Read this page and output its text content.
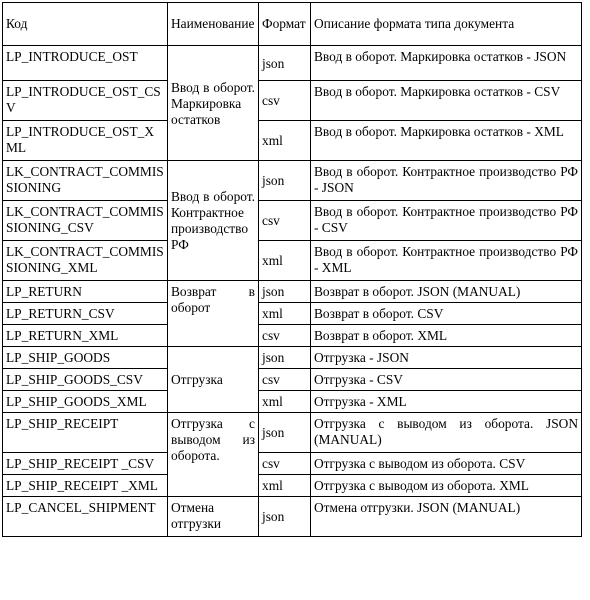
Код	Наименование	Формат	Описание формата типа документа
LP_INTRODUCE_OST	Ввод в оборот. Маркировка остатков	json	Ввод в оборот. Маркировка остатков - JSON
LP_INTRODUCE_OST_CSV		csv	Ввод в оборот. Маркировка остатков - CSV
LP_INTRODUCE_OST_XML		xml	Ввод в оборот. Маркировка остатков - XML
LK_CONTRACT_COMMISSIONING	Ввод в оборот. Контрактное производство РФ	json	Ввод в оборот. Контрактное производство РФ - JSON
LK_CONTRACT_COMMISSIONING_CSV		csv	Ввод в оборот. Контрактное производство РФ - CSV
LK_CONTRACT_COMMISSIONING_XML		xml	Ввод в оборот. Контрактное производство РФ - XML
LP_RETURN	Возврат в оборот	json	Возврат в оборот. JSON (MANUAL)
LP_RETURN_CSV		xml	Возврат в оборот. CSV
LP_RETURN_XML		csv	Возврат в оборот. XML
LP_SHIP_GOODS	Отгрузка	json	Отгрузка - JSON
LP_SHIP_GOODS_CSV		csv	Отгрузка - CSV
LP_SHIP_GOODS_XML		xml	Отгрузка - XML
LP_SHIP_RECEIPT	Отгрузка с выводом из оборота.	json	Отгрузка с выводом из оборота. JSON (MANUAL)
LP_SHIP_RECEIPT _CSV		csv	Отгрузка с выводом из оборота. CSV
LP_SHIP_RECEIPT _XML		xml	Отгрузка с выводом из оборота. XML
LP_CANCEL_SHIPMENT	Отмена отгрузки	json	Отмена отгрузки. JSON (MANUAL)
